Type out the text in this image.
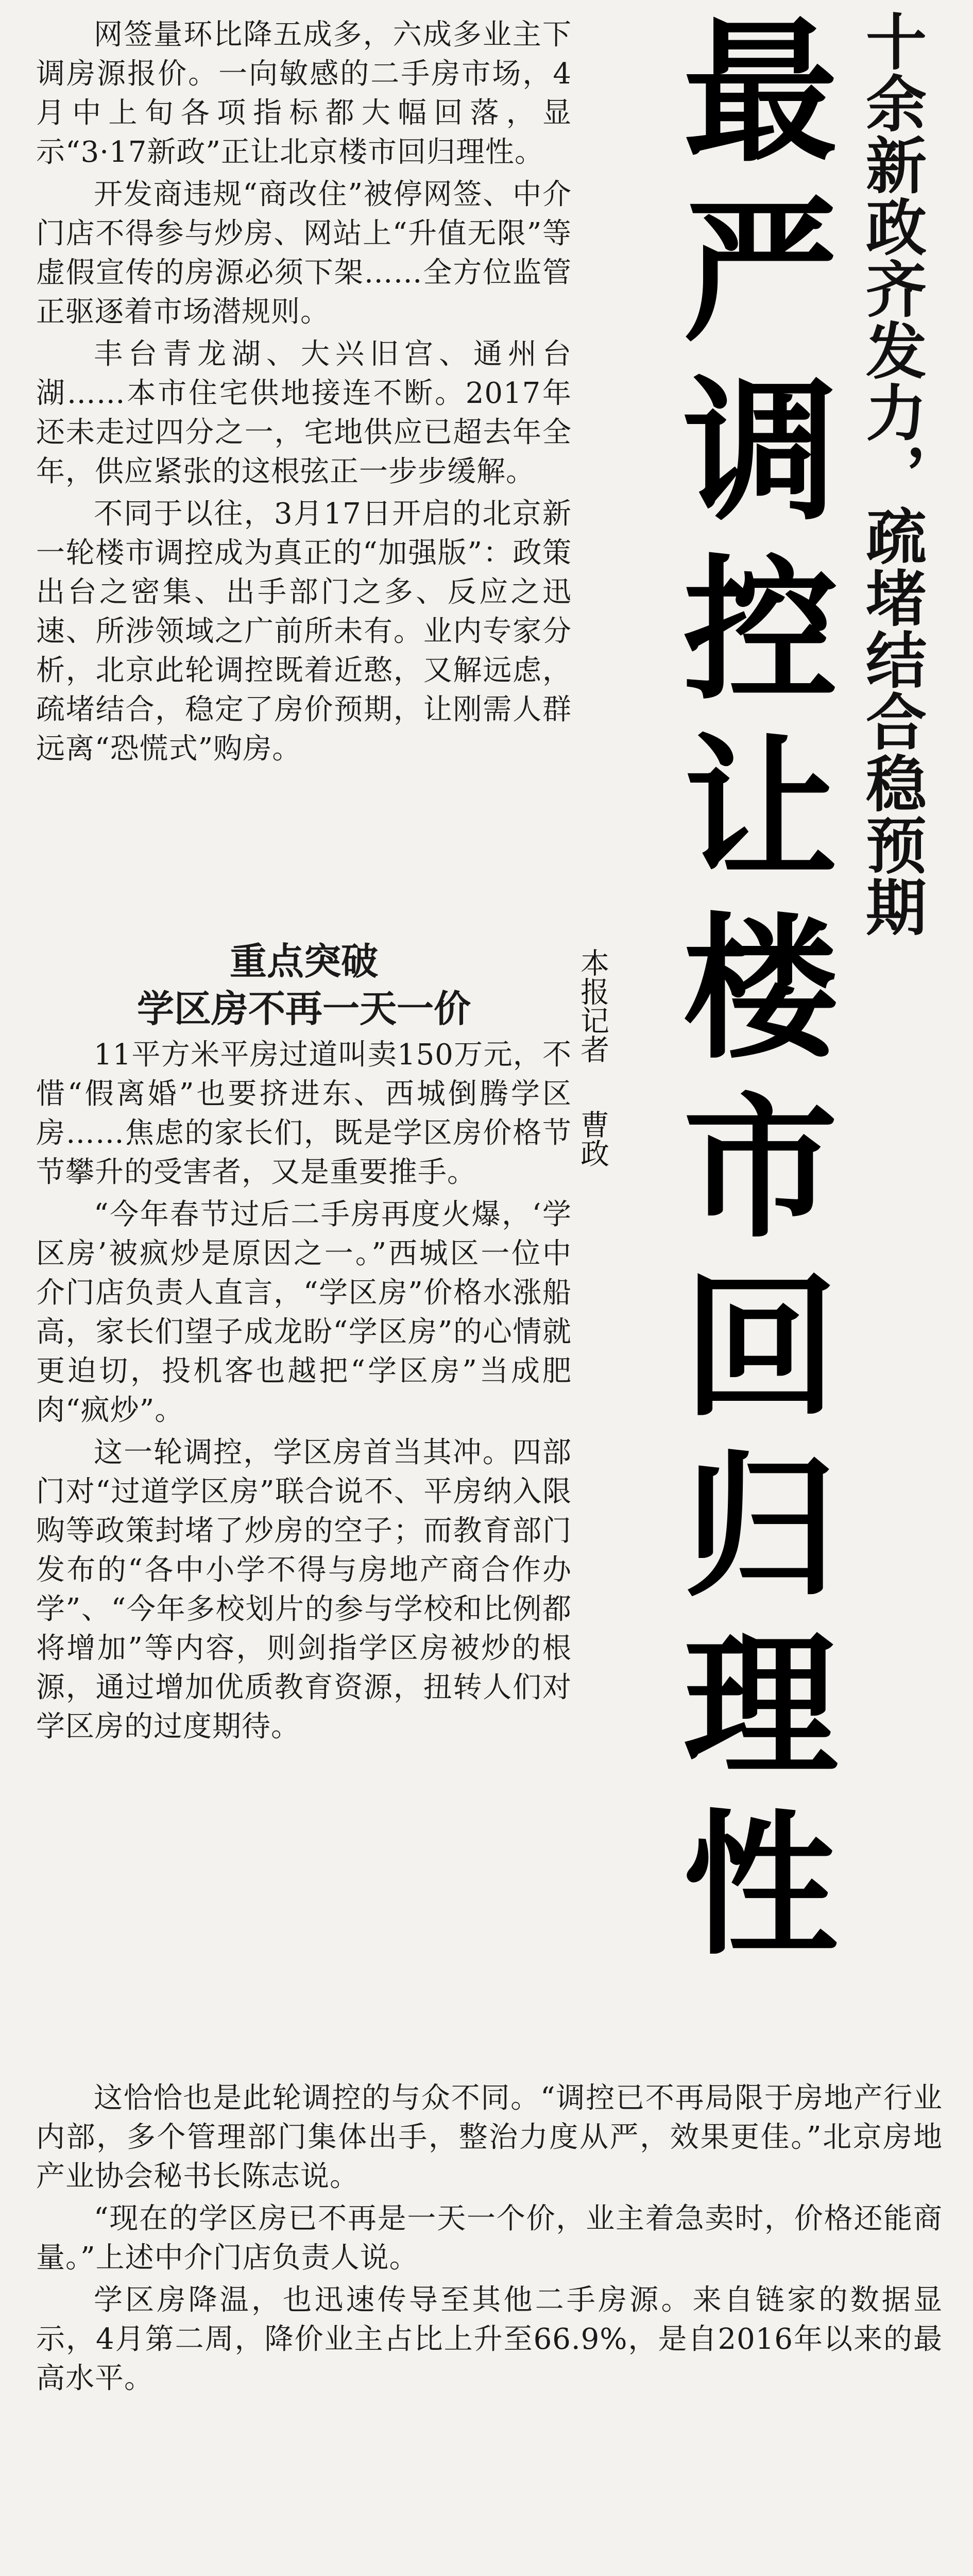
十余新政齐发力，疏堵结合稳预期
最严调控让楼市回归理性
本报记者曹政

网签量环比降五成多，六成多业主下调房源报价。一向敏感的二手房市场，4月中上旬各项指标都大幅回落，显示“3·17新政”正让北京楼市回归理性。

开发商违规“商改住”被停网签、中介门店不得参与炒房、网站上“升值无限”等虚假宣传的房源必须下架……全方位监管正驱逐着市场潜规则。

丰台青龙湖、大兴旧宫、通州台湖……本市住宅供地接连不断。2017年还未走过四分之一，宅地供应已超去年全年，供应紧张的这根弦正一步步缓解。

不同于以往，3月17日开启的北京新一轮楼市调控成为真正的“加强版”：政策出台之密集、出手部门之多、反应之迅速、所涉领域之广前所未有。业内专家分析，北京此轮调控既着近憨，又解远虑，疏堵结合，稳定了房价预期，让刚需人群远离“恐慌式”购房。

重点突破
学区房不再一天一价

11平方米平房过道叫卖150万元，不惜“假离婚”也要挤进东、西城倒腾学区房……焦虑的家长们，既是学区房价格节节攀升的受害者，又是重要推手。

“今年春节过后二手房再度火爆，‘学区房’被疯炒是原因之一。”西城区一位中介门店负责人直言，“学区房”价格水涨船高，家长们望子成龙盼“学区房”的心情就更迫切，投机客也越把“学区房”当成肥肉“疯炒”。

这一轮调控，学区房首当其冲。四部门对“过道学区房”联合说不、平房纳入限购等政策封堵了炒房的空子；而教育部门发布的“各中小学不得与房地产商合作办学”、“今年多校划片的参与学校和比例都将增加”等内容，则剑指学区房被炒的根源，通过增加优质教育资源，扭转人们对学区房的过度期待。

这恰恰也是此轮调控的与众不同。“调控已不再局限于房地产行业内部，多个管理部门集体出手，整治力度从严，效果更佳。”北京房地产业协会秘书长陈志说。

“现在的学区房已不再是一天一个价，业主着急卖时，价格还能商量。”上述中介门店负责人说。

学区房降温，也迅速传导至其他二手房源。来自链家的数据显示，4月第二周，降价业主占比上升至66.9%，是自2016年以来的最高水平。
